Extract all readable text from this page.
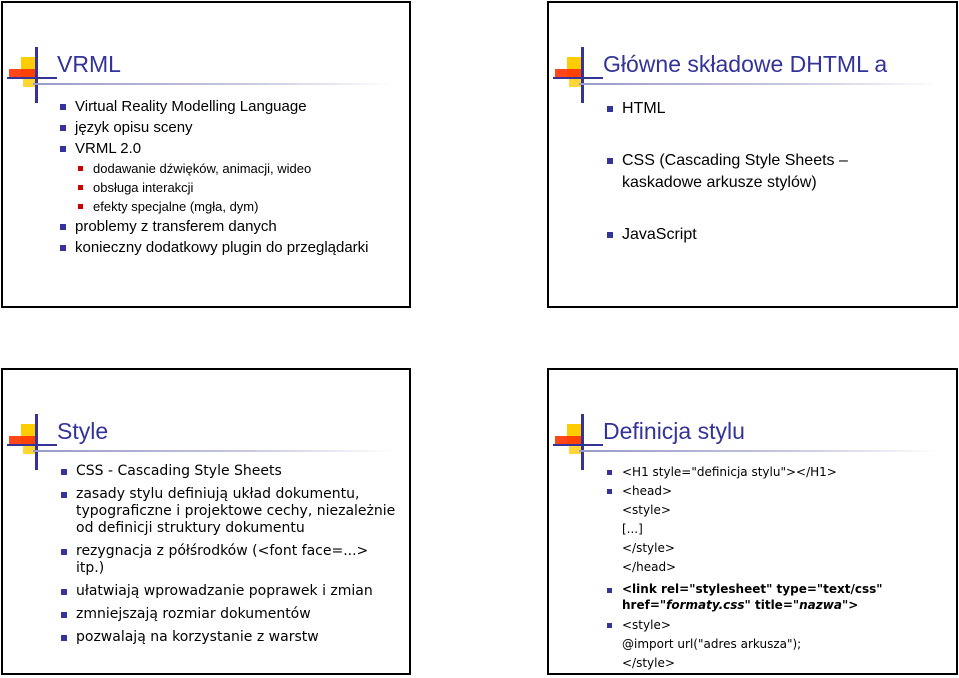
VRML
Virtual Reality Modelling Language
język opisu sceny
VRML 2.0
dodawanie dźwięków, animacji, wideo
obsługa interakcji
efekty specjalne (mgła, dym)
problemy z transferem danych
konieczny dodatkowy plugin do przeglądarki
Główne składowe DHTML a
HTML
CSS (Cascading Style Sheets – kaskadowe arkusze stylów)
JavaScript
Style
CSS - Cascading Style Sheets
zasady stylu definiują układ dokumentu, typograficzne i projektowe cechy, niezależnie od definicji struktury dokumentu
rezygnacja z półśrodków (<font face=...> itp.)
ułatwiają wprowadzanie poprawek i zmian
zmniejszają rozmiar dokumentów
pozwalają na korzystanie z warstw
Definicja stylu
<H1 style="definicja stylu"></H1>
<head>
<style>
[...]
</style>
</head>
<link rel="stylesheet" type="text/css"
href="formaty.css" title="nazwa">
<style>
@import url("adres arkusza");
</style>
